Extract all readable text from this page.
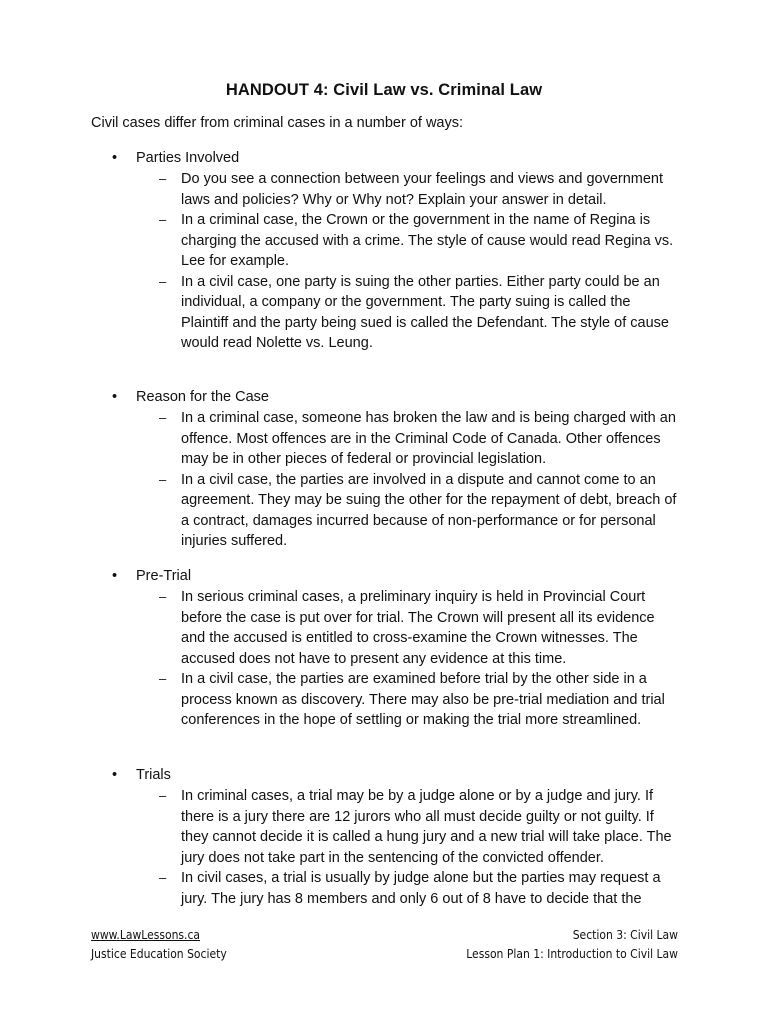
HANDOUT 4: Civil Law vs. Criminal Law

Civil cases differ from criminal cases in a number of ways:

• Parties Involved
– Do you see a connection between your feelings and views and government laws and policies? Why or Why not? Explain your answer in detail.

– In a criminal case, the Crown or the government in the name of Regina is charging the accused with a crime. The style of cause would read Regina vs. Lee for example.

– In a civil case, one party is suing the other parties. Either party could be an individual, a company or the government. The party suing is called the Plaintiff and the party being sued is called the Defendant. The style of cause would read Nolette vs. Leung.

• Reason for the Case
– In a criminal case, someone has broken the law and is being charged with an offence. Most offences are in the Criminal Code of Canada. Other offences may be in other pieces of federal or provincial legislation.

– In a civil case, the parties are involved in a dispute and cannot come to an agreement. They may be suing the other for the repayment of debt, breach of a contract, damages incurred because of non-performance or for personal injuries suffered.

• Pre-Trial
– In serious criminal cases, a preliminary inquiry is held in Provincial Court before the case is put over for trial. The Crown will present all its evidence and the accused is entitled to cross-examine the Crown witnesses. The accused does not have to present any evidence at this time.

– In a civil case, the parties are examined before trial by the other side in a process known as discovery. There may also be pre-trial mediation and trial conferences in the hope of settling or making the trial more streamlined.

• Trials
– In criminal cases, a trial may be by a judge alone or by a judge and jury. If there is a jury there are 12 jurors who all must decide guilty or not guilty. If they cannot decide it is called a hung jury and a new trial will take place. The jury does not take part in the sentencing of the convicted offender.

– In civil cases, a trial is usually by judge alone but the parties may request a jury. The jury has 8 members and only 6 out of 8 have to decide that the

www.LawLessons.ca
Justice Education Society
Section 3: Civil Law
Lesson Plan 1: Introduction to Civil Law
